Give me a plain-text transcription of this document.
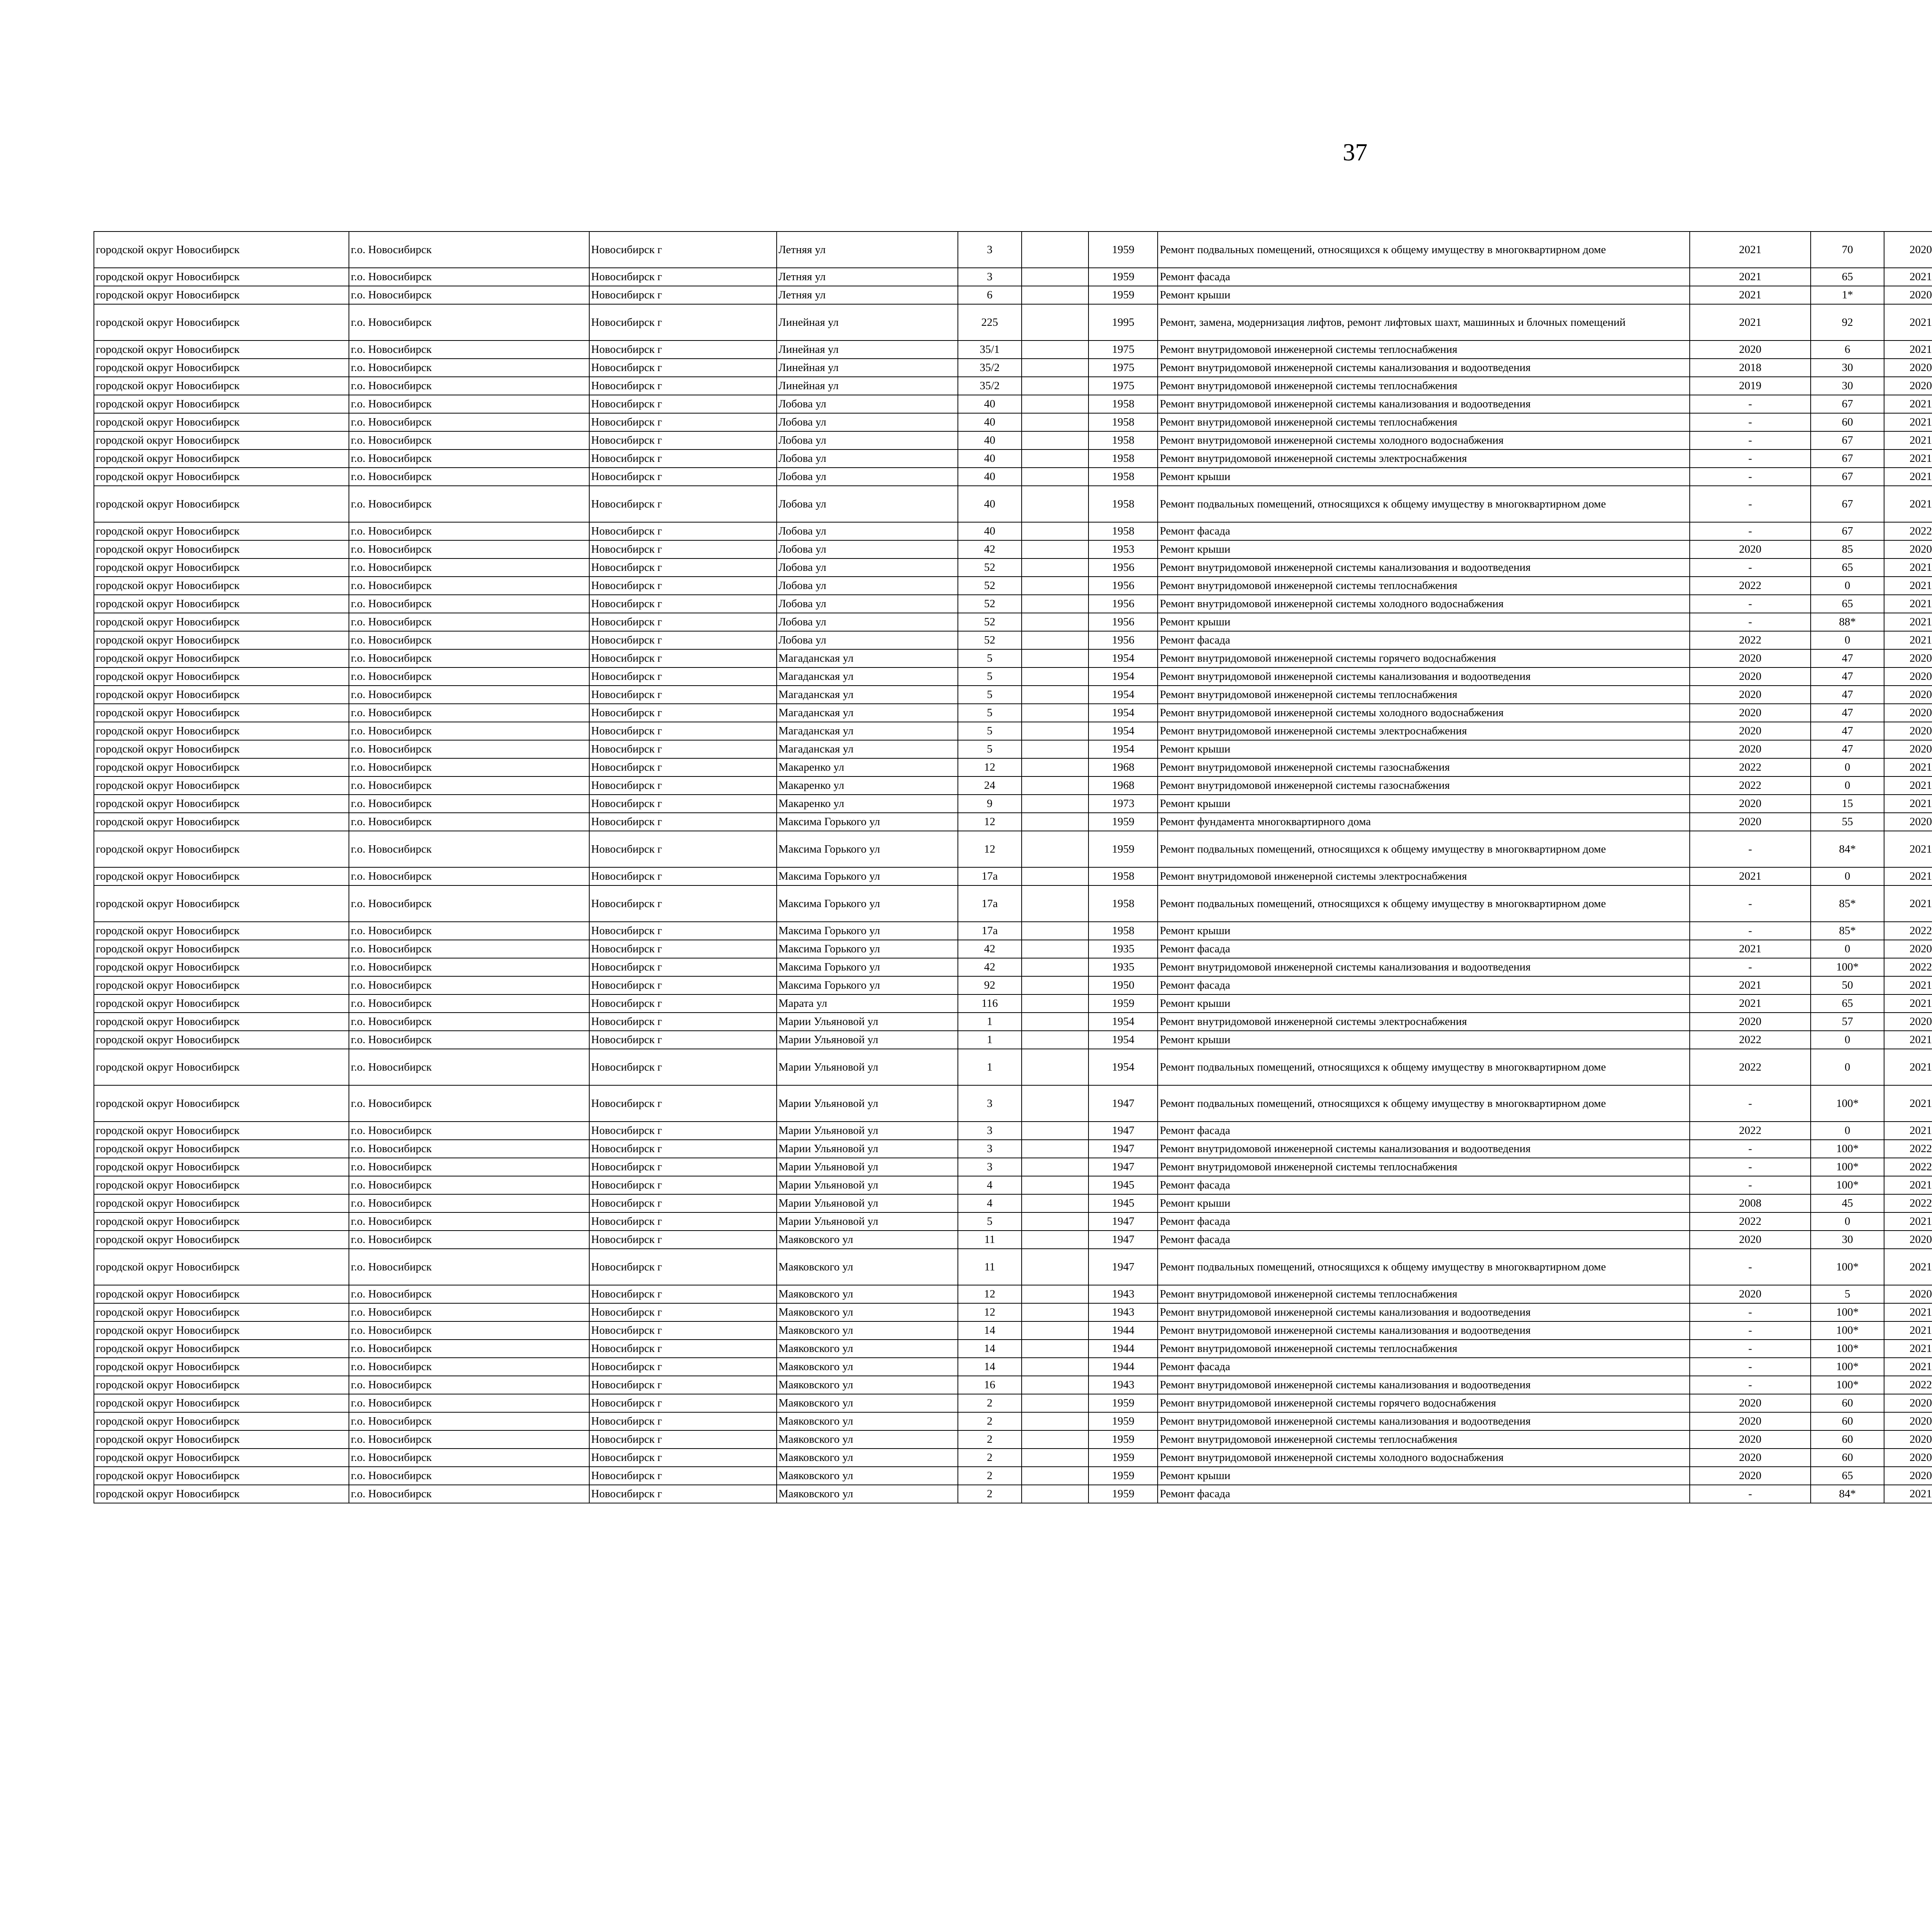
37
городской округ Новосибирск	г.о. Новосибирск	Новосибирск г	Летняя ул	3		1959	Ремонт подвальных помещений, относящихся к общему имуществу в многоквартирном доме	2021	70	2020						
городской округ Новосибирск	г.о. Новосибирск	Новосибирск г	Летняя ул	3		1959	Ремонт фасада	2021	65	2021						
городской округ Новосибирск	г.о. Новосибирск	Новосибирск г	Летняя ул	6		1959	Ремонт крыши	2021	1*	2020						
городской округ Новосибирск	г.о. Новосибирск	Новосибирск г	Линейная ул	225		1995	Ремонт, замена, модернизация лифтов, ремонт лифтовых шахт, машинных и блочных помещений	2021	92	2021						
городской округ Новосибирск	г.о. Новосибирск	Новосибирск г	Линейная ул	35/1		1975	Ремонт внутридомовой инженерной системы теплоснабжения	2020	6	2021						
городской округ Новосибирск	г.о. Новосибирск	Новосибирск г	Линейная ул	35/2		1975	Ремонт внутридомовой инженерной системы канализования и водоотведения	2018	30	2020						
городской округ Новосибирск	г.о. Новосибирск	Новосибирск г	Линейная ул	35/2		1975	Ремонт внутридомовой инженерной системы теплоснабжения	2019	30	2020						
городской округ Новосибирск	г.о. Новосибирск	Новосибирск г	Лобова ул	40		1958	Ремонт внутридомовой инженерной системы канализования и водоотведения	-	67	2021						
городской округ Новосибирск	г.о. Новосибирск	Новосибирск г	Лобова ул	40		1958	Ремонт внутридомовой инженерной системы теплоснабжения	-	60	2021						
городской округ Новосибирск	г.о. Новосибирск	Новосибирск г	Лобова ул	40		1958	Ремонт внутридомовой инженерной системы холодного водоснабжения	-	67	2021						
городской округ Новосибирск	г.о. Новосибирск	Новосибирск г	Лобова ул	40		1958	Ремонт внутридомовой инженерной системы электроснабжения	-	67	2021						
городской округ Новосибирск	г.о. Новосибирск	Новосибирск г	Лобова ул	40		1958	Ремонт крыши	-	67	2021						
городской округ Новосибирск	г.о. Новосибирск	Новосибирск г	Лобова ул	40		1958	Ремонт подвальных помещений, относящихся к общему имуществу в многоквартирном доме	-	67	2021						
городской округ Новосибирск	г.о. Новосибирск	Новосибирск г	Лобова ул	40		1958	Ремонт фасада	-	67	2022						
городской округ Новосибирск	г.о. Новосибирск	Новосибирск г	Лобова ул	42		1953	Ремонт крыши	2020	85	2020						
городской округ Новосибирск	г.о. Новосибирск	Новосибирск г	Лобова ул	52		1956	Ремонт внутридомовой инженерной системы канализования и водоотведения	-	65	2021						
городской округ Новосибирск	г.о. Новосибирск	Новосибирск г	Лобова ул	52		1956	Ремонт внутридомовой инженерной системы теплоснабжения	2022	0	2021						
городской округ Новосибирск	г.о. Новосибирск	Новосибирск г	Лобова ул	52		1956	Ремонт внутридомовой инженерной системы холодного водоснабжения	-	65	2021						
городской округ Новосибирск	г.о. Новосибирск	Новосибирск г	Лобова ул	52		1956	Ремонт крыши	-	88*	2021						
городской округ Новосибирск	г.о. Новосибирск	Новосибирск г	Лобова ул	52		1956	Ремонт фасада	2022	0	2021						
городской округ Новосибирск	г.о. Новосибирск	Новосибирск г	Магаданская ул	5		1954	Ремонт внутридомовой инженерной системы горячего водоснабжения	2020	47	2020						
городской округ Новосибирск	г.о. Новосибирск	Новосибирск г	Магаданская ул	5		1954	Ремонт внутридомовой инженерной системы канализования и водоотведения	2020	47	2020						
городской округ Новосибирск	г.о. Новосибирск	Новосибирск г	Магаданская ул	5		1954	Ремонт внутридомовой инженерной системы теплоснабжения	2020	47	2020						
городской округ Новосибирск	г.о. Новосибирск	Новосибирск г	Магаданская ул	5		1954	Ремонт внутридомовой инженерной системы холодного водоснабжения	2020	47	2020						
городской округ Новосибирск	г.о. Новосибирск	Новосибирск г	Магаданская ул	5		1954	Ремонт внутридомовой инженерной системы электроснабжения	2020	47	2020						
городской округ Новосибирск	г.о. Новосибирск	Новосибирск г	Магаданская ул	5		1954	Ремонт крыши	2020	47	2020						
городской округ Новосибирск	г.о. Новосибирск	Новосибирск г	Макаренко ул	12		1968	Ремонт внутридомовой инженерной системы газоснабжения	2022	0	2021						
городской округ Новосибирск	г.о. Новосибирск	Новосибирск г	Макаренко ул	24		1968	Ремонт внутридомовой инженерной системы газоснабжения	2022	0	2021						
городской округ Новосибирск	г.о. Новосибирск	Новосибирск г	Макаренко ул	9		1973	Ремонт крыши	2020	15	2021						
городской округ Новосибирск	г.о. Новосибирск	Новосибирск г	Максима Горького ул	12		1959	Ремонт фундамента многоквартирного дома	2020	55	2020						
городской округ Новосибирск	г.о. Новосибирск	Новосибирск г	Максима Горького ул	12		1959	Ремонт подвальных помещений, относящихся к общему имуществу в многоквартирном доме	-	84*	2021						
городской округ Новосибирск	г.о. Новосибирск	Новосибирск г	Максима Горького ул	17а		1958	Ремонт внутридомовой инженерной системы электроснабжения	2021	0	2021						
городской округ Новосибирск	г.о. Новосибирск	Новосибирск г	Максима Горького ул	17а		1958	Ремонт подвальных помещений, относящихся к общему имуществу в многоквартирном доме	-	85*	2021						
городской округ Новосибирск	г.о. Новосибирск	Новосибирск г	Максима Горького ул	17а		1958	Ремонт крыши	-	85*	2022						
городской округ Новосибирск	г.о. Новосибирск	Новосибирск г	Максима Горького ул	42		1935	Ремонт фасада	2021	0	2020						
городской округ Новосибирск	г.о. Новосибирск	Новосибирск г	Максима Горького ул	42		1935	Ремонт внутридомовой инженерной системы канализования и водоотведения	-	100*	2022						
городской округ Новосибирск	г.о. Новосибирск	Новосибирск г	Максима Горького ул	92		1950	Ремонт фасада	2021	50	2021						
городской округ Новосибирск	г.о. Новосибирск	Новосибирск г	Марата ул	116		1959	Ремонт крыши	2021	65	2021						
городской округ Новосибирск	г.о. Новосибирск	Новосибирск г	Марии Ульяновой ул	1		1954	Ремонт внутридомовой инженерной системы электроснабжения	2020	57	2020						
городской округ Новосибирск	г.о. Новосибирск	Новосибирск г	Марии Ульяновой ул	1		1954	Ремонт крыши	2022	0	2021						
городской округ Новосибирск	г.о. Новосибирск	Новосибирск г	Марии Ульяновой ул	1		1954	Ремонт подвальных помещений, относящихся к общему имуществу в многоквартирном доме	2022	0	2021						
городской округ Новосибирск	г.о. Новосибирск	Новосибирск г	Марии Ульяновой ул	3		1947	Ремонт подвальных помещений, относящихся к общему имуществу в многоквартирном доме	-	100*	2021						
городской округ Новосибирск	г.о. Новосибирск	Новосибирск г	Марии Ульяновой ул	3		1947	Ремонт фасада	2022	0	2021						
городской округ Новосибирск	г.о. Новосибирск	Новосибирск г	Марии Ульяновой ул	3		1947	Ремонт внутридомовой инженерной системы канализования и водоотведения	-	100*	2022						
городской округ Новосибирск	г.о. Новосибирск	Новосибирск г	Марии Ульяновой ул	3		1947	Ремонт внутридомовой инженерной системы теплоснабжения	-	100*	2022						
городской округ Новосибирск	г.о. Новосибирск	Новосибирск г	Марии Ульяновой ул	4		1945	Ремонт фасада	-	100*	2021						
городской округ Новосибирск	г.о. Новосибирск	Новосибирск г	Марии Ульяновой ул	4		1945	Ремонт крыши	2008	45	2022						
городской округ Новосибирск	г.о. Новосибирск	Новосибирск г	Марии Ульяновой ул	5		1947	Ремонт фасада	2022	0	2021						
городской округ Новосибирск	г.о. Новосибирск	Новосибирск г	Маяковского ул	11		1947	Ремонт фасада	2020	30	2020						
городской округ Новосибирск	г.о. Новосибирск	Новосибирск г	Маяковского ул	11		1947	Ремонт подвальных помещений, относящихся к общему имуществу в многоквартирном доме	-	100*	2021						
городской округ Новосибирск	г.о. Новосибирск	Новосибирск г	Маяковского ул	12		1943	Ремонт внутридомовой инженерной системы теплоснабжения	2020	5	2020						
городской округ Новосибирск	г.о. Новосибирск	Новосибирск г	Маяковского ул	12		1943	Ремонт внутридомовой инженерной системы канализования и водоотведения	-	100*	2021						
городской округ Новосибирск	г.о. Новосибирск	Новосибирск г	Маяковского ул	14		1944	Ремонт внутридомовой инженерной системы канализования и водоотведения	-	100*	2021						
городской округ Новосибирск	г.о. Новосибирск	Новосибирск г	Маяковского ул	14		1944	Ремонт внутридомовой инженерной системы теплоснабжения	-	100*	2021						
городской округ Новосибирск	г.о. Новосибирск	Новосибирск г	Маяковского ул	14		1944	Ремонт фасада	-	100*	2021						
городской округ Новосибирск	г.о. Новосибирск	Новосибирск г	Маяковского ул	16		1943	Ремонт внутридомовой инженерной системы канализования и водоотведения	-	100*	2022						
городской округ Новосибирск	г.о. Новосибирск	Новосибирск г	Маяковского ул	2		1959	Ремонт внутридомовой инженерной системы горячего водоснабжения	2020	60	2020						
городской округ Новосибирск	г.о. Новосибирск	Новосибирск г	Маяковского ул	2		1959	Ремонт внутридомовой инженерной системы канализования и водоотведения	2020	60	2020						
городской округ Новосибирск	г.о. Новосибирск	Новосибирск г	Маяковского ул	2		1959	Ремонт внутридомовой инженерной системы теплоснабжения	2020	60	2020						
городской округ Новосибирск	г.о. Новосибирск	Новосибирск г	Маяковского ул	2		1959	Ремонт внутридомовой инженерной системы холодного водоснабжения	2020	60	2020						
городской округ Новосибирск	г.о. Новосибирск	Новосибирск г	Маяковского ул	2		1959	Ремонт крыши	2020	65	2020						
городской округ Новосибирск	г.о. Новосибирск	Новосибирск г	Маяковского ул	2		1959	Ремонт фасада	-	84*	2021						
